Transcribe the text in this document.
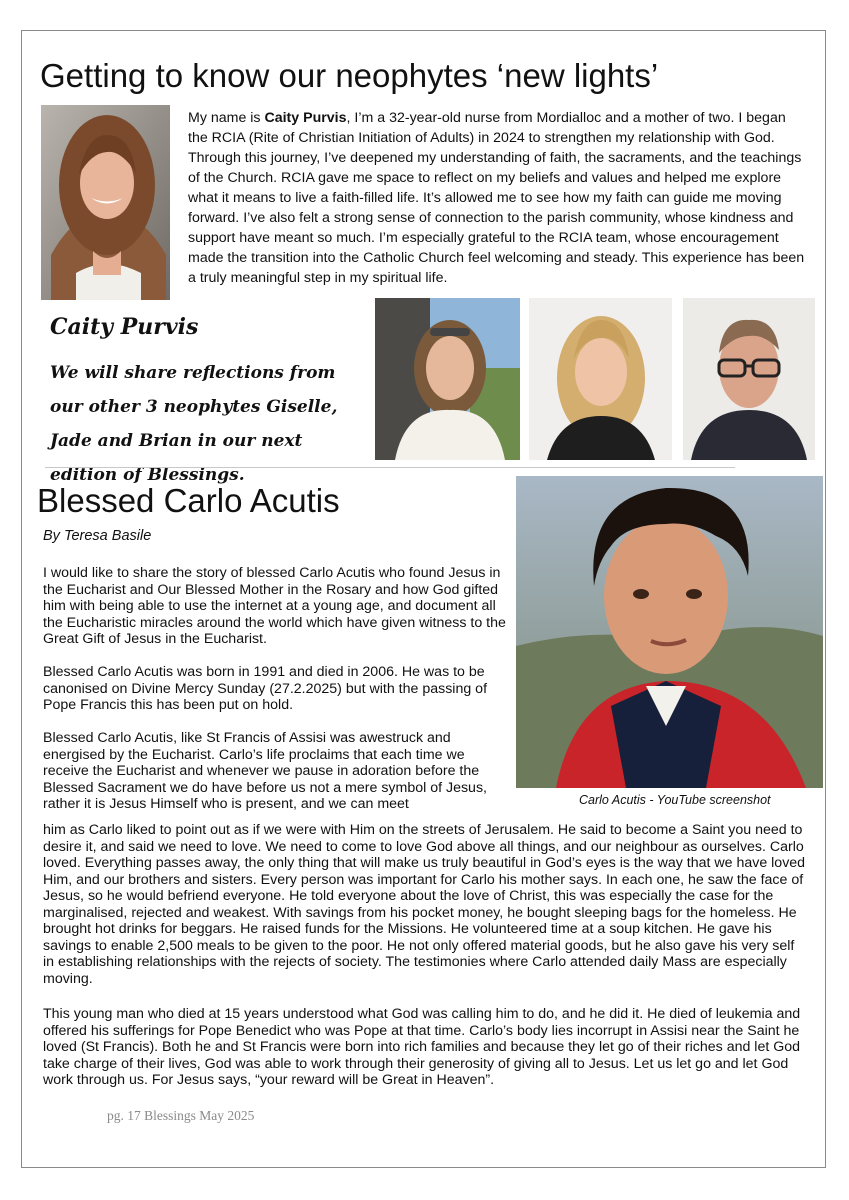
Getting to know our neophytes ‘new lights’
My name is Caity Purvis, I’m a 32-year-old nurse from Mordialloc and a mother of two. I began the RCIA (Rite of Christian Initiation of Adults) in 2024 to strengthen my relationship with God. Through this journey, I’ve deepened my understanding of faith, the sacraments, and the teachings of the Church. RCIA gave me space to reflect on my beliefs and values and helped me explore what it means to live a faith-filled life. It’s allowed me to see how my faith can guide me moving forward. I’ve also felt a strong sense of connection to the parish community, whose kindness and support have meant so much. I’m especially grateful to the RCIA team, whose encouragement made the transition into the Catholic Church feel welcoming and steady. This experience has been a truly meaningful step in my spiritual life.
Caity Purvis
We will share reflections from our other 3 neophytes Giselle, Jade and Brian in our next edition of Blessings.
Blessed Carlo Acutis
By Teresa Basile
Carlo Acutis - YouTube screenshot
I would like to share the story of blessed Carlo Acutis who found Jesus in the Eucharist and Our Blessed Mother in the Rosary and how God gifted him with being able to use the internet at a young age, and document all the Eucharistic miracles around the world which have given witness to the Great Gift of Jesus in the Eucharist.
Blessed Carlo Acutis was born in 1991 and died in 2006. He was to be canonised on Divine Mercy Sunday (27.2.2025) but with the passing of Pope Francis this has been put on hold.
Blessed Carlo Acutis, like St Francis of Assisi was awestruck and energised by the Eucharist. Carlo’s life proclaims that each time we receive the Eucharist and whenever we pause in adoration before the Blessed Sacrament we do have before us not a mere symbol of Jesus, rather it is Jesus Himself who is present, and we can meet
him as Carlo liked to point out as if we were with Him on the streets of Jerusalem. He said to become a Saint you need to desire it, and said we need to love. We need to come to love God above all things, and our neighbour as ourselves. Carlo loved. Everything passes away, the only thing that will make us truly beautiful in God’s eyes is the way that we have loved Him, and our brothers and sisters. Every person was important for Carlo his mother says. In each one, he saw the face of Jesus, so he would befriend everyone. He told everyone about the love of Christ, this was especially the case for the marginalised, rejected and weakest. With savings from his pocket money, he bought sleeping bags for the homeless. He brought hot drinks for beggars. He raised funds for the Missions. He volunteered time at a soup kitchen. He gave his savings to enable 2,500 meals to be given to the poor. He not only offered material goods, but he also gave his very self in establishing relationships with the rejects of society. The testimonies where Carlo attended daily Mass are especially moving.
This young man who died at 15 years understood what God was calling him to do, and he did it. He died of leukemia and offered his sufferings for Pope Benedict who was Pope at that time. Carlo’s body lies incorrupt in Assisi near the Saint he loved (St Francis). Both he and St Francis were born into rich families and because they let go of their riches and let God take charge of their lives, God was able to work through their generosity of giving all to Jesus. Let us let go and let God work through us. For Jesus says, “your reward will be Great in Heaven”.
pg. 17 Blessings May 2025
